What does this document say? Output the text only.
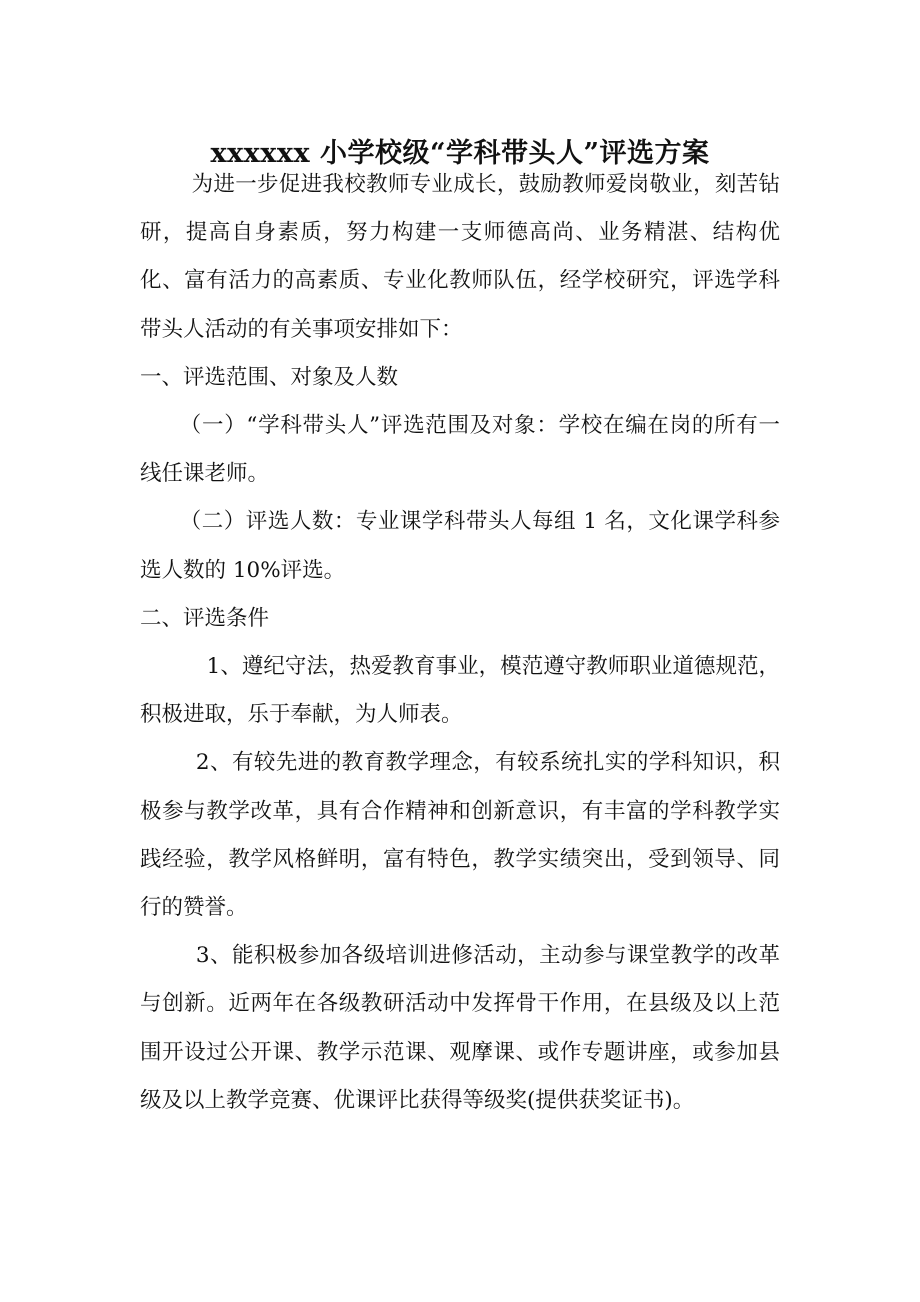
xxxxxx 小学校级“学科带头人”评选方案

为进一步促进我校教师专业成长，鼓励教师爱岗敬业，刻苦钻研，提高自身素质，努力构建一支师德高尚、业务精湛、结构优化、富有活力的高素质、专业化教师队伍，经学校研究，评选学科带头人活动的有关事项安排如下：

一、评选范围、对象及人数

（一）“学科带头人”评选范围及对象：学校在编在岗的所有一线任课老师。

（二）评选人数：专业课学科带头人每组 1 名，文化课学科参选人数的 10%评选。

二、评选条件

1、遵纪守法，热爱教育事业，模范遵守教师职业道德规范，积极进取，乐于奉献，为人师表。

2、有较先进的教育教学理念，有较系统扎实的学科知识，积极参与教学改革，具有合作精神和创新意识，有丰富的学科教学实践经验，教学风格鲜明，富有特色，教学实绩突出，受到领导、同行的赞誉。

3、能积极参加各级培训进修活动，主动参与课堂教学的改革与创新。近两年在各级教研活动中发挥骨干作用，在县级及以上范围开设过公开课、教学示范课、观摩课、或作专题讲座，或参加县级及以上教学竞赛、优课评比获得等级奖(提供获奖证书)。
